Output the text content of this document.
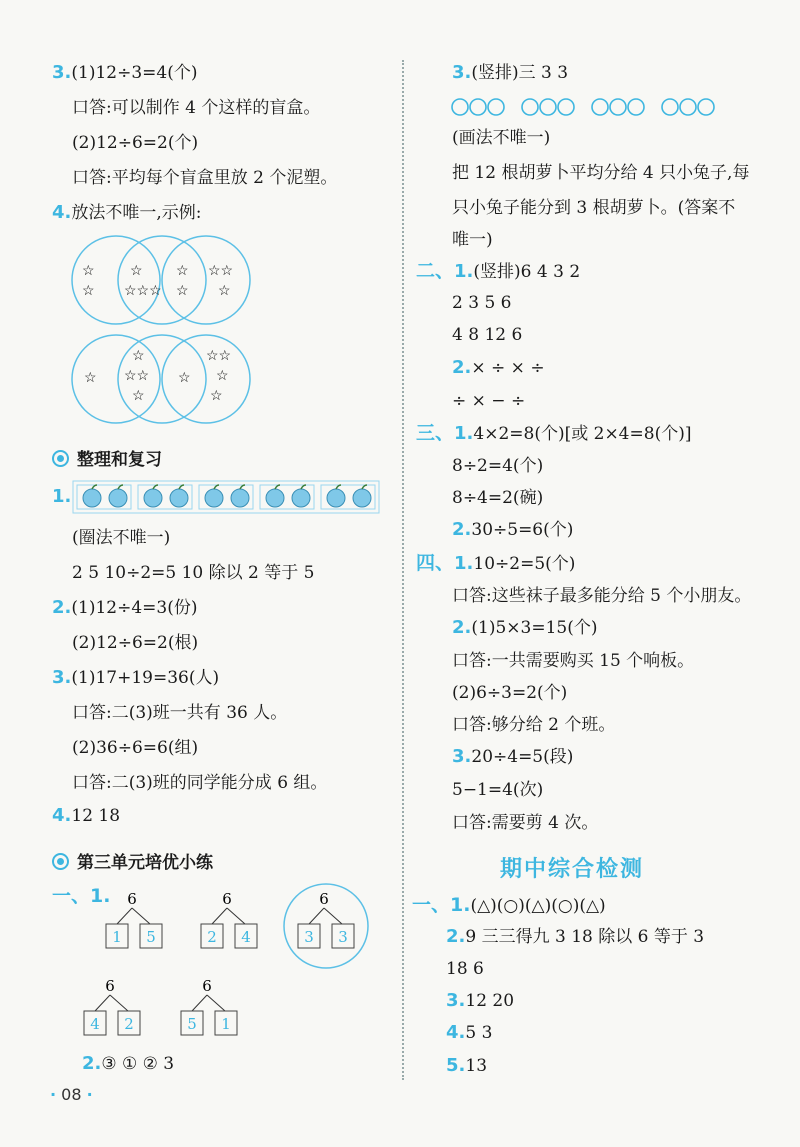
3.(1)12÷3=4(个)
口答:可以制作 4 个这样的盲盒。
(2)12÷6=2(个)
口答:平均每个盲盒里放 2 个泥塑。
4.放法不唯一,示例:
☆
☆
☆
☆☆☆
☆
☆
☆☆
☆
☆
☆
☆☆
☆
☆
☆☆
☆
☆
整理和复习
1.
(圈法不唯一)
2 5 10÷2=5 10 除以 2 等于 5
2.(1)12÷4=3(份)
(2)12÷6=2(根)
3.(1)17+19=36(人)
口答:二(3)班一共有 36 人。
(2)36÷6=6(组)
口答:二(3)班的同学能分成 6 组。
4.12 18
第三单元培优小练
一、1. 6
1 5
6
2 4
6
3 3
6
4 2
6
5 1
2.③ ① ② 3
· 08 ·
3.(竖排)三 3 3
(画法不唯一)
把 12 根胡萝卜平均分给 4 只小兔子,每
只小兔子能分到 3 根胡萝卜。(答案不
唯一)
二、1.(竖排)6 4 3 2
2 3 5 6
4 8 12 6
2.× ÷ × ÷
÷ × − ÷
三、1.4×2=8(个)[或 2×4=8(个)]
8÷2=4(个)
8÷4=2(碗)
2.30÷5=6(个)
四、1.10÷2=5(个)
口答:这些袜子最多能分给 5 个小朋友。
2.(1)5×3=15(个)
口答:一共需要购买 15 个响板。
(2)6÷3=2(个)
口答:够分给 2 个班。
3.20÷4=5(段)
5−1=4(次)
口答:需要剪 4 次。
一、1.(△)(○)(△)(○)(△)
2.9 三三得九 3 18 除以 6 等于 3
18 6
3.12 20
4.5 3
5.13
期中综合检测
